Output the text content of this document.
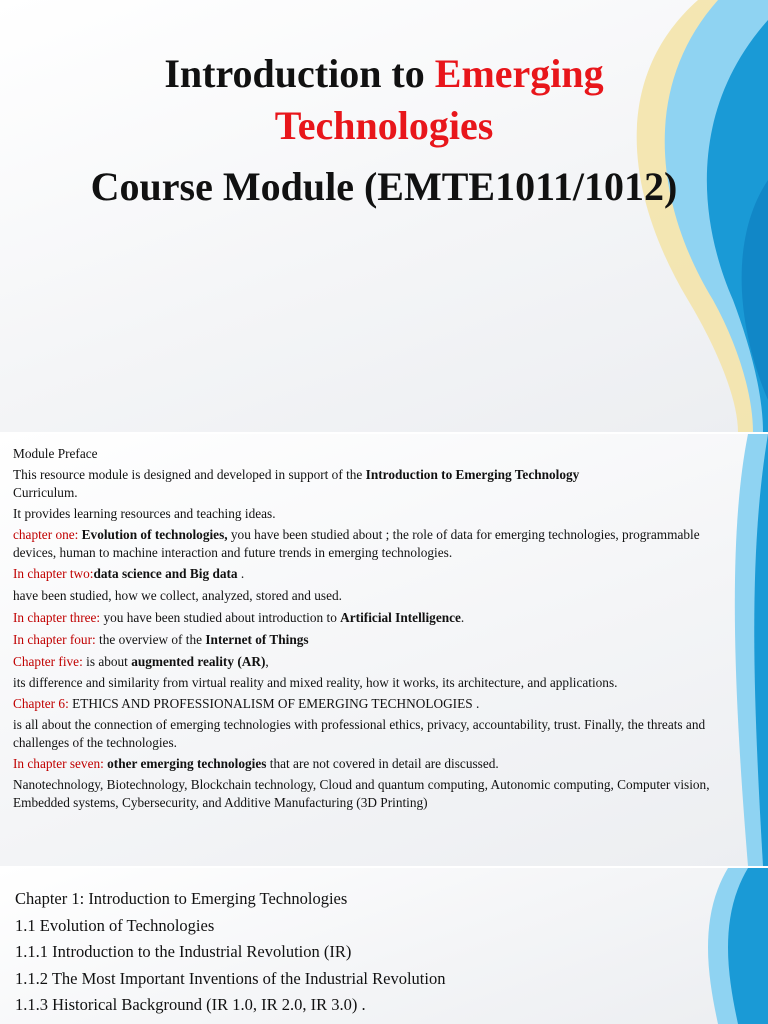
Introduction to Emerging
Technologies
Course Module (EMTE1011/1012)

Module Preface

This resource module is designed and developed in support of the Introduction to Emerging Technology
Curriculum.

It provides learning resources and teaching ideas.

chapter one: Evolution of technologies, you have been studied about ; the role of data for emerging technologies, programmable devices, human to machine interaction and future trends in emerging technologies.

In chapter two:data science and Big data .

have been studied, how we collect, analyzed, stored and used.

In chapter three: you have been studied about introduction to Artificial Intelligence.

In chapter four: the overview of the Internet of Things

Chapter five: is about augmented reality (AR),

its difference and similarity from virtual reality and mixed reality, how it works, its architecture, and applications.

Chapter 6: ETHICS AND PROFESSIONALISM OF EMERGING TECHNOLOGIES .

is all about the connection of emerging technologies with professional ethics, privacy, accountability, trust. Finally, the threats and challenges of the technologies.

In chapter seven: other emerging technologies that are not covered in detail are discussed.

Nanotechnology, Biotechnology, Blockchain technology, Cloud and quantum computing, Autonomic computing, Computer vision, Embedded systems, Cybersecurity, and Additive Manufacturing (3D Printing)

Chapter 1: Introduction to Emerging Technologies

1.1 Evolution of Technologies

1.1.1 Introduction to the Industrial Revolution (IR)

1.1.2 The Most Important Inventions of the Industrial Revolution

1.1.3 Historical Background (IR 1.0, IR 2.0, IR 3.0) .
